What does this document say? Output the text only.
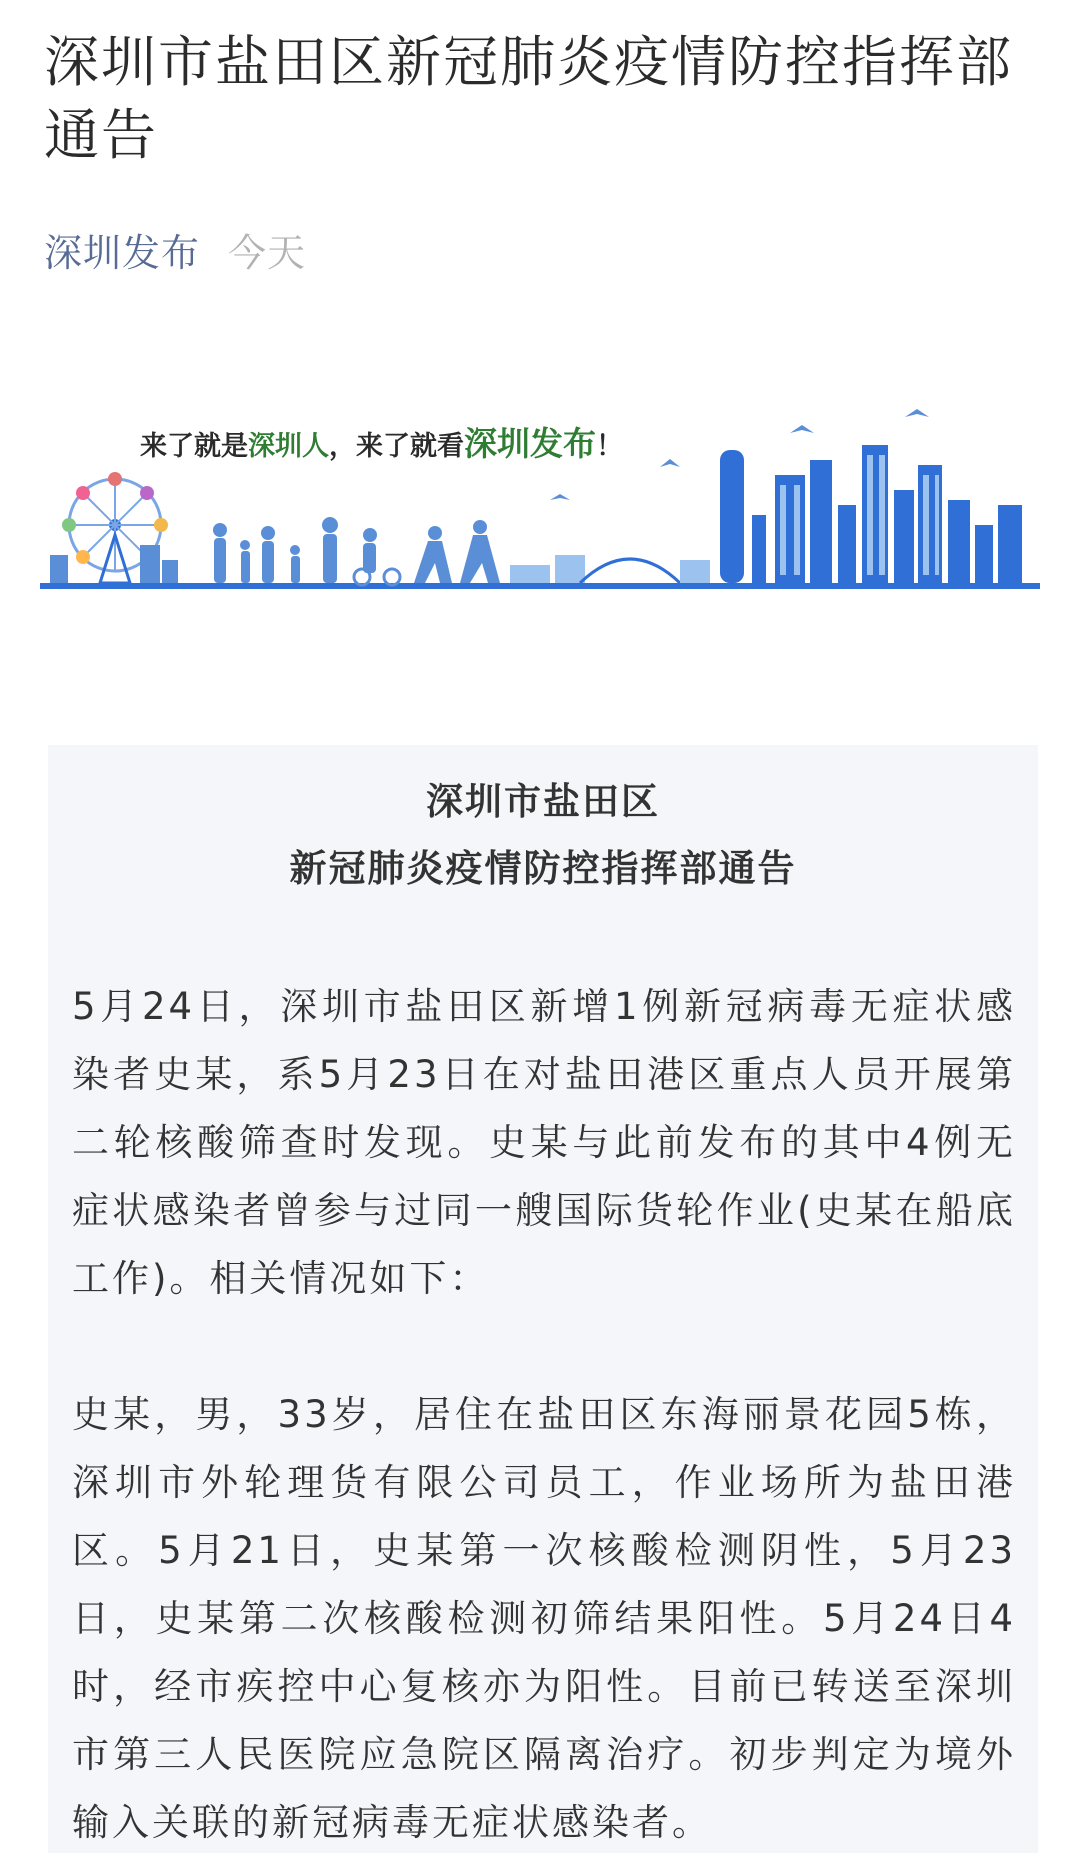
深圳市盐田区新冠肺炎疫情防控指挥部通告
深圳发布 今天
来了就是深圳人，来了就看深圳发布！
深圳市盐田区
新冠肺炎疫情防控指挥部通告

5月24日，深圳市盐田区新增1例新冠病毒无症状感染者史某，系5月23日在对盐田港区重点人员开展第二轮核酸筛查时发现。史某与此前发布的其中4例无症状感染者曾参与过同一艘国际货轮作业(史某在船底工作)。相关情况如下：

史某，男，33岁，居住在盐田区东海丽景花园5栋，深圳市外轮理货有限公司员工，作业场所为盐田港区。5月21日，史某第一次核酸检测阴性，5月23日，史某第二次核酸检测初筛结果阳性。5月24日4时，经市疾控中心复核亦为阳性。目前已转送至深圳市第三人民医院应急院区隔离治疗。初步判定为境外输入关联的新冠病毒无症状感染者。
